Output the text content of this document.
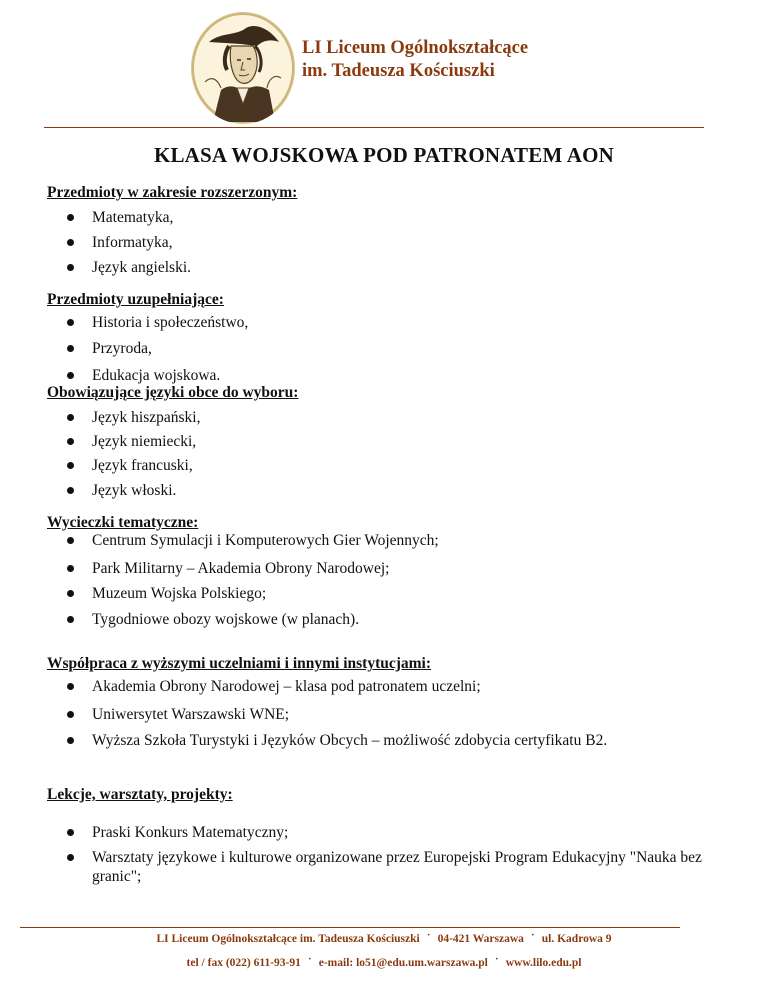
LI Liceum Ogólnokształcące
im. Tadeusza Kościuszki
KLASA WOJSKOWA POD PATRONATEM AON
Przedmioty w zakresie rozszerzonym:
Matematyka,
Informatyka,
Język angielski.
Przedmioty uzupełniające:
Historia i społeczeństwo,
Przyroda,
Edukacja wojskowa.
Obowiązujące języki obce do wyboru:
Język hiszpański,
Język niemiecki,
Język francuski,
Język włoski.
Wycieczki tematyczne:
Centrum Symulacji i Komputerowych Gier Wojennych;
Park Militarny – Akademia Obrony Narodowej;
Muzeum Wojska Polskiego;
Tygodniowe obozy wojskowe (w planach).
Współpraca z wyższymi uczelniami i innymi instytucjami:
Akademia Obrony Narodowej – klasa pod patronatem uczelni;
Uniwersytet Warszawski WNE;
Wyższa Szkoła Turystyki i Języków Obcych – możliwość zdobycia certyfikatu B2.
Lekcje, warsztaty, projekty:
Praski Konkurs Matematyczny;
Warsztaty językowe i kulturowe organizowane przez Europejski Program Edukacyjny "Nauka bez granic";
LI Liceum Ogólnokształcące im. Tadeusza Kościuszki ˙ 04-421 Warszawa ˙ ul. Kadrowa 9
tel / fax (022) 611-93-91 ˙ e-mail: lo51@edu.um.warszawa.pl ˙ www.lilo.edu.pl
